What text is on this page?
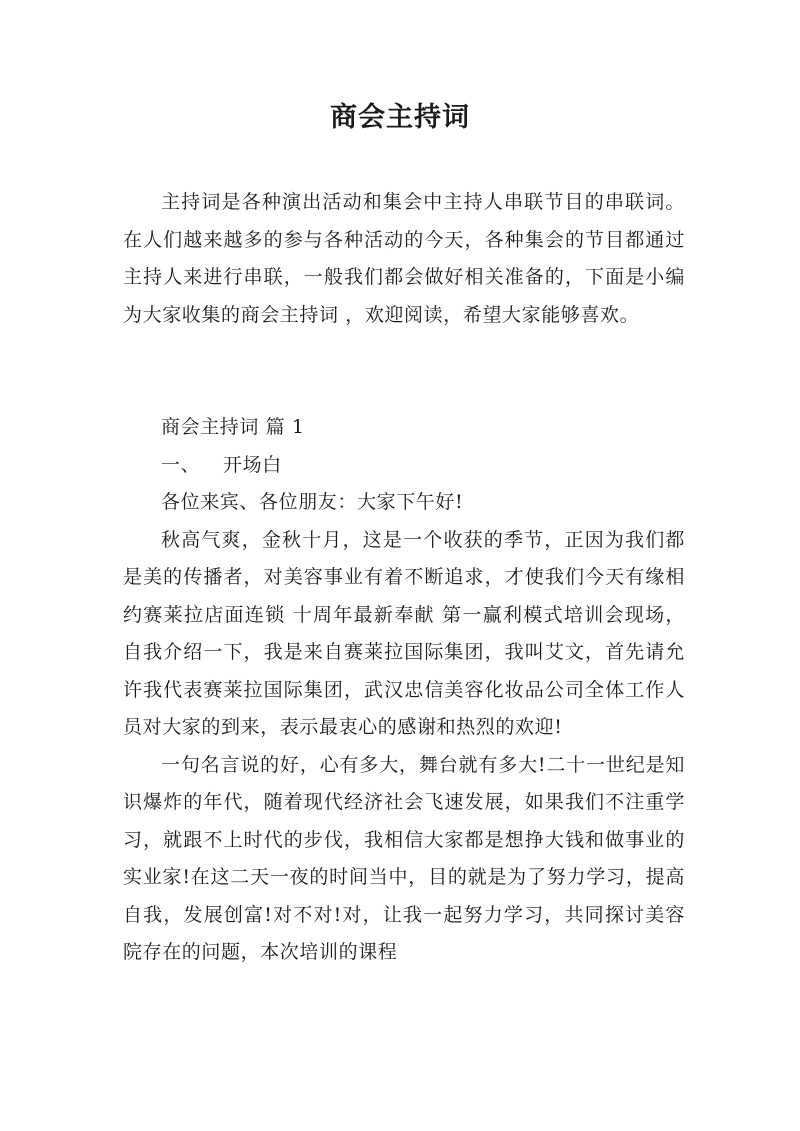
商会主持词

主持词是各种演出活动和集会中主持人串联节目的串联词。在人们越来越多的参与各种活动的今天，各种集会的节目都通过主持人来进行串联，一般我们都会做好相关准备的，下面是小编为大家收集的商会主持词 ，欢迎阅读，希望大家能够喜欢。

商会主持词 篇 1

一、 开场白

各位来宾、各位朋友：大家下午好!

秋高气爽，金秋十月，这是一个收获的季节，正因为我们都是美的传播者，对美容事业有着不断追求，才使我们今天有缘相约赛莱拉店面连锁 十周年最新奉献 第一赢利模式培训会现场， 自我介绍一下，我是来自赛莱拉国际集团，我叫艾文，首先请允许我代表赛莱拉国际集团，武汉忠信美容化妆品公司全体工作人员对大家的到来，表示最衷心的感谢和热烈的欢迎!

一句名言说的好，心有多大，舞台就有多大!二十一世纪是知识爆炸的年代，随着现代经济社会飞速发展，如果我们不注重学习，就跟不上时代的步伐，我相信大家都是想挣大钱和做事业的实业家!在这二天一夜的时间当中，目的就是为了努力学习，提高自我，发展创富!对不对!对，让我一起努力学习，共同探讨美容院存在的问题，本次培训的课程
